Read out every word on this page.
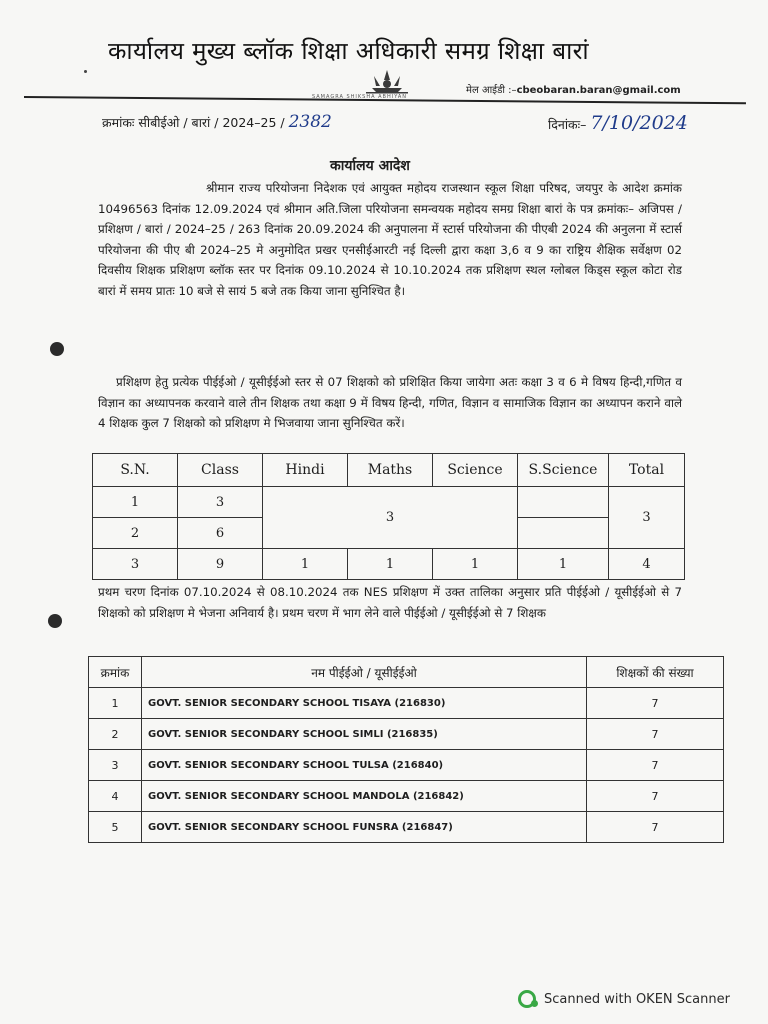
कार्यालय मुख्य ब्लॉक शिक्षा अधिकारी समग्र शिक्षा बारां
SAMAGRA SHIKSHA ABHIYAN
मेल आईडी :–cbeobaran.baran@gmail.com
क्रमांकः सीबीईओ / बारां / 2024–25 / 2382	दिनांकः– 7/10/2024
कार्यालय आदेश
श्रीमान राज्य परियोजना निदेशक एवं आयुक्त महोदय राजस्थान स्कूल शिक्षा परिषद, जयपुर के आदेश क्रमांक 10496563 दिनांक 12.09.2024 एवं श्रीमान अति.जिला परियोजना समन्वयक महोदय समग्र शिक्षा बारां के पत्र क्रमांकः– अजिपस / प्रशिक्षण / बारां / 2024–25 / 263 दिनांक 20.09.2024 की अनुपालना में स्टार्स परियोजना की पीएबी 2024 की अनुलना में स्टार्स परियोजना की पीए बी 2024–25 मे अनुमोदित प्रखर एनसीईआरटी नई दिल्ली द्वारा कक्षा 3,6 व 9 का राष्ट्रिय शैक्षिक सर्वेक्षण 02 दिवसीय शिक्षक प्रशिक्षण ब्लॉक स्तर पर दिनांक 09.10.2024 से 10.10.2024 तक प्रशिक्षण स्थल ग्लोबल किड्स स्कूल कोटा रोड बारां में समय प्रातः 10 बजे से सायं 5 बजे तक किया जाना सुनिश्चित है।
प्रशिक्षण हेतु प्रत्येक पीईईओ / यूसीईईओ स्तर से 07 शिक्षको को प्रशिक्षित किया जायेगा अतः कक्षा 3 व 6 मे विषय हिन्दी,गणित व विज्ञान का अध्यापनक करवाने वाले तीन शिक्षक तथा कक्षा 9 में विषय हिन्दी, गणित, विज्ञान व सामाजिक विज्ञान का अध्यापन कराने वाले 4 शिक्षक कुल 7 शिक्षको को प्रशिक्षण मे भिजवाया जाना सुनिश्चित करें।
S.N.	Class	Hindi	Maths	Science	S.Science	Total
1	3	3				3
2	6					
3	9	1	1	1	1	4
प्रथम चरण दिनांक 07.10.2024 से 08.10.2024 तक NES प्रशिक्षण में उक्त तालिका अनुसार प्रति पीईईओ / यूसीईईओ से 7 शिक्षको को प्रशिक्षण मे भेजना अनिवार्य है। प्रथम चरण में भाग लेने वाले पीईईओ / यूसीईईओ से 7 शिक्षक
क्रमांक	नम पीईईओ / यूसीईईओ	शिक्षकों की संख्या
1	GOVT. SENIOR SECONDARY SCHOOL TISAYA (216830)	7
2	GOVT. SENIOR SECONDARY SCHOOL SIMLI (216835)	7
3	GOVT. SENIOR SECONDARY SCHOOL TULSA (216840)	7
4	GOVT. SENIOR SECONDARY SCHOOL MANDOLA (216842)	7
5	GOVT. SENIOR SECONDARY SCHOOL FUNSRA (216847)	7
Scanned with OKEN Scanner
